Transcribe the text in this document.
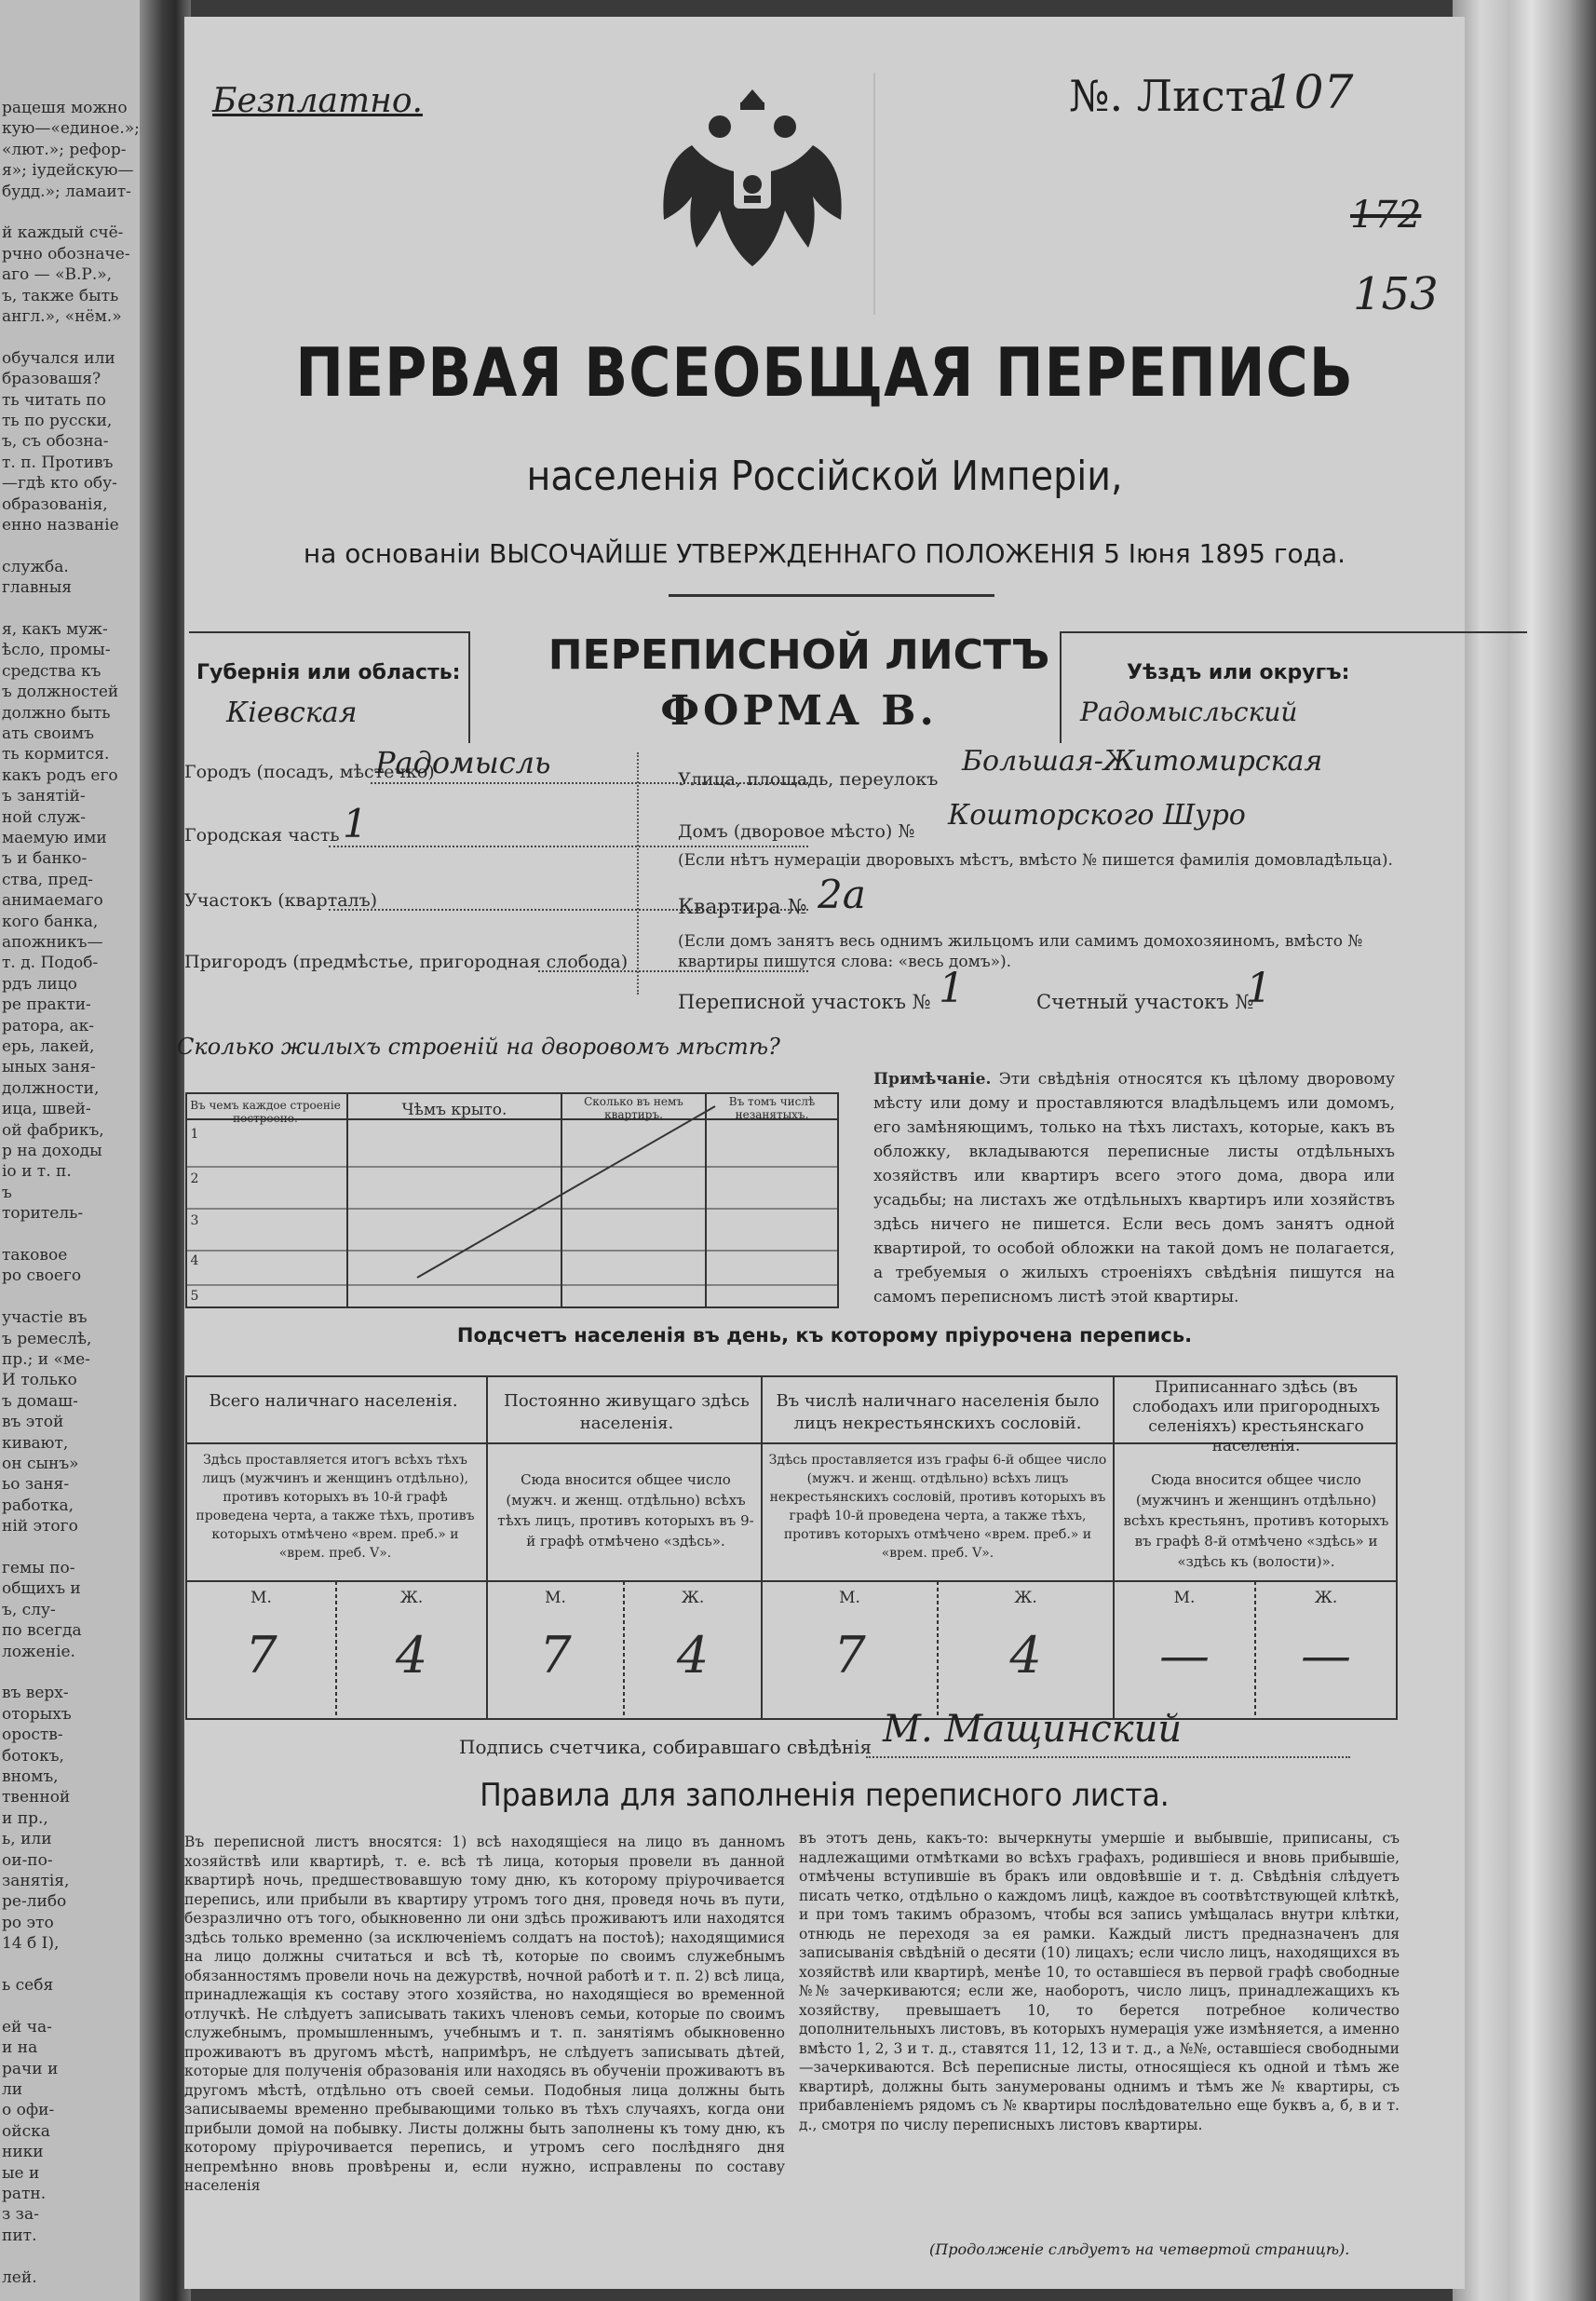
рацешя можно
кую—«единое.»;
«лют.»; рефор-
я»; іудейскую—
будд.»; ламаит-
й каждый счё-
рчно обозначе-
аго — «В.Р.»,
ъ, также быть
англ.», «нём.»
обучался или
бразовашя?
ть читать по
ть по русски,
ъ, съ обозна-
т. п. Противъ
—гдѣ кто обу-
образованія,
енно названіе
служба.
главныя
я, какъ муж-
ѣсло, промы-
средства къ
ъ должностей
должно быть
ать своимъ
ть кормится.
какъ родъ его
ъ занятій-
ной служ-
маемую ими
ъ и банко-
ства, пред-
анимаемаго
кого банка,
апожникъ—
т. д. Подоб-
рдъ лицо
ре практи-
ратора, ак-
ерь, лакей,
ыных заня-
должности,
ица, швей-
ой фабрикъ,
р на доходы
іо и т. п.
ъ
торитель-
таковое
ро своего
участіе въ
ъ ремеслѣ,
пр.; и «ме-
И только
ъ домаш-
въ этой
кивают,
он сынъ»
ьо заня-
работка,
ній этого
гемы по-
общихъ и
ъ, слу-
по всегда
ложеніе.
въ верх-
оторыхъ
ороств-
ботокъ,
вномъ,
твенной
и пр.,
ь, или
ои-по-
занятія,
ре-либо
ро это
14 б I),
ь себя
ей ча-
и на
рачи и
ли
о офи-
ойска
ники
ые и
ратн.
з за-
пит.
лей.
Безплатно.	№. Листа
107
172
153
ПЕРВАЯ ВСЕОБЩАЯ ПЕРЕПИСЬ
населенія Россійской Имперіи,
на основаніи ВЫСОЧАЙШЕ УТВЕРЖДЕННАГО ПОЛОЖЕНІЯ 5 Іюня 1895 года.
Губернія или область:
Кіевская
ПЕРЕПИСНОЙ ЛИСТЪ
ФОРМА В.
Уѣздъ или округъ:
Радомысльский
Городъ (посадъ, мѣстечко)
Радомысль
Городская часть 1
Участокъ (кварталъ)
Пригородъ (предмѣстье, пригородная слобода)
Улица, площадь, переулокъ
Большая-Житомирская
Домъ (дворовое мѣсто) № Кошторского Шуро
(Если нѣтъ нумераціи дворовыхъ мѣстъ, вмѣсто № пишется фамилія домовладѣльца).
Квартира № 2а
(Если домъ занятъ весь однимъ жильцомъ или самимъ домохозяиномъ, вмѣсто № квартиры пишутся слова: «весь домъ»).
Переписной участокъ № 1	Счетный участокъ №
1
Сколько жилыхъ строеній на дворовомъ мѣстѣ?
Въ чемъ каждое строеніе построено.	Чѣмъ крыто.	Сколько въ немъ квартиръ.
Въ томъ числѣ незанятыхъ.
1
2
3
4
5
Примѣчаніе. Эти свѣдѣнія относятся къ цѣлому дворовому мѣсту или дому и проставляются владѣльцемъ или домомъ, его замѣняющимъ, только на тѣхъ листахъ, которые, какъ въ обложку, вкладываются переписные листы отдѣльныхъ хозяйствъ или квартиръ всего этого дома, двора или усадьбы; на листахъ же отдѣльныхъ квартиръ или хозяйствъ здѣсь ничего не пишется. Если весь домъ занятъ одной квартирой, то особой обложки на такой домъ не полагается, а требуемыя о жилыхъ строеніяхъ свѣдѣнія пишутся на самомъ переписномъ листѣ этой квартиры.
Подсчетъ населенія въ день, къ которому пріурочена перепись.
Всего наличнаго населенія.	Постоянно живущаго здѣсь населенія.
Въ числѣ наличнаго населенія было лицъ некрестьянскихъ сословій.
Приписаннаго здѣсь (въ слободахъ или пригородныхъ селеніяхъ) крестьянскаго населенія.
Здѣсь проставляется итогъ всѣхъ тѣхъ лицъ (мужчинъ и женщинъ отдѣльно), противъ которыхъ въ 10-й графѣ проведена черта, а также тѣхъ, противъ которыхъ отмѣчено «врем. преб.» и «врем. преб. V».
Сюда вносится общее число (мужч. и женщ. отдѣльно) всѣхъ тѣхъ лицъ, противъ которыхъ въ 9-й графѣ отмѣчено «здѣсь».
Здѣсь проставляется изъ графы 6-й общее число (мужч. и женщ. отдѣльно) всѣхъ лицъ некрестьянскихъ сословій, противъ которыхъ въ графѣ 10-й проведена черта, а также тѣхъ, противъ которыхъ отмѣчено «врем. преб.» и «врем. преб. V».
Сюда вносится общее число (мужчинъ и женщинъ отдѣльно) всѣхъ крестьянъ, противъ которыхъ въ графѣ 8-й отмѣчено «здѣсь» и «здѣсь къ (волости)».
М.	Ж.	М.	Ж.	М.	Ж.	М.	Ж.
7	4	7	4	7	4	—	—
Подпись счетчика, собиравшаго свѣдѣнія М. Мащинский
Правила для заполненія переписного листа.
Въ переписной листъ вносятся: 1) всѣ находящіеся на лицо въ данномъ хозяйствѣ или квартирѣ, т. е. всѣ тѣ лица, которыя провели въ данной квартирѣ ночь, предшествовавшую тому дню, къ которому пріурочивается перепись, или прибыли въ квартиру утромъ того дня, проведя ночь въ пути, безразлично отъ того, обыкновенно ли они здѣсь проживаютъ или находятся здѣсь только временно (за исключеніемъ солдатъ на постоѣ); находящимися на лицо должны считаться и всѣ тѣ, которые по своимъ служебнымъ обязанностямъ провели ночь на дежурствѣ, ночной работѣ и т. п. 2) всѣ лица, принадлежащія къ составу этого хозяйства, но находящіеся во временной отлучкѣ. Не слѣдуетъ записывать такихъ членовъ семьи, которые по своимъ служебнымъ, промышленнымъ, учебнымъ и т. п. занятіямъ обыкновенно проживаютъ въ другомъ мѣстѣ, напримѣръ, не слѣдуетъ записывать дѣтей, которые для полученія образованія или находясь въ обученіи проживаютъ въ другомъ мѣстѣ, отдѣльно отъ своей семьи. Подобныя лица должны быть записываемы временно пребывающими только въ тѣхъ случаяхъ, когда они прибыли домой на побывку. Листы должны быть заполнены къ тому дню, къ которому пріурочивается перепись, и утромъ сего послѣдняго дня непремѣнно вновь провѣрены и, если нужно, исправлены по составу населенія
въ этотъ день, какъ-то: вычеркнуты умершіе и выбывшіе, приписаны, съ надлежащими отмѣтками во всѣхъ графахъ, родившіеся и вновь прибывшіе, отмѣчены вступившіе въ бракъ или овдовѣвшіе и т. д. Свѣдѣнія слѣдуетъ писать четко, отдѣльно о каждомъ лицѣ, каждое въ соотвѣтствующей клѣткѣ, и при томъ такимъ образомъ, чтобы вся запись умѣщалась внутри клѣтки, отнюдь не переходя за ея рамки. Каждый листъ предназначенъ для записыванія свѣдѣній о десяти (10) лицахъ; если число лицъ, находящихся въ хозяйствѣ или квартирѣ, менѣе 10, то оставшіеся въ первой графѣ свободные №№ зачеркиваются; если же, наоборотъ, число лицъ, принадлежащихъ къ хозяйству, превышаетъ 10, то берется потребное количество дополнительныхъ листовъ, въ которыхъ нумерація уже измѣняется, а именно вмѣсто 1, 2, 3 и т. д., ставятся 11, 12, 13 и т. д., а №№, оставшіеся свободными—зачеркиваются. Всѣ переписные листы, относящіеся къ одной и тѣмъ же квартирѣ, должны быть занумерованы однимъ и тѣмъ же № квартиры, съ прибавленіемъ рядомъ съ № квартиры послѣдовательно еще буквъ а, б, в и т. д., смотря по числу переписныхъ листовъ квартиры.
(Продолженіе слѣдуетъ на четвертой страницѣ).
